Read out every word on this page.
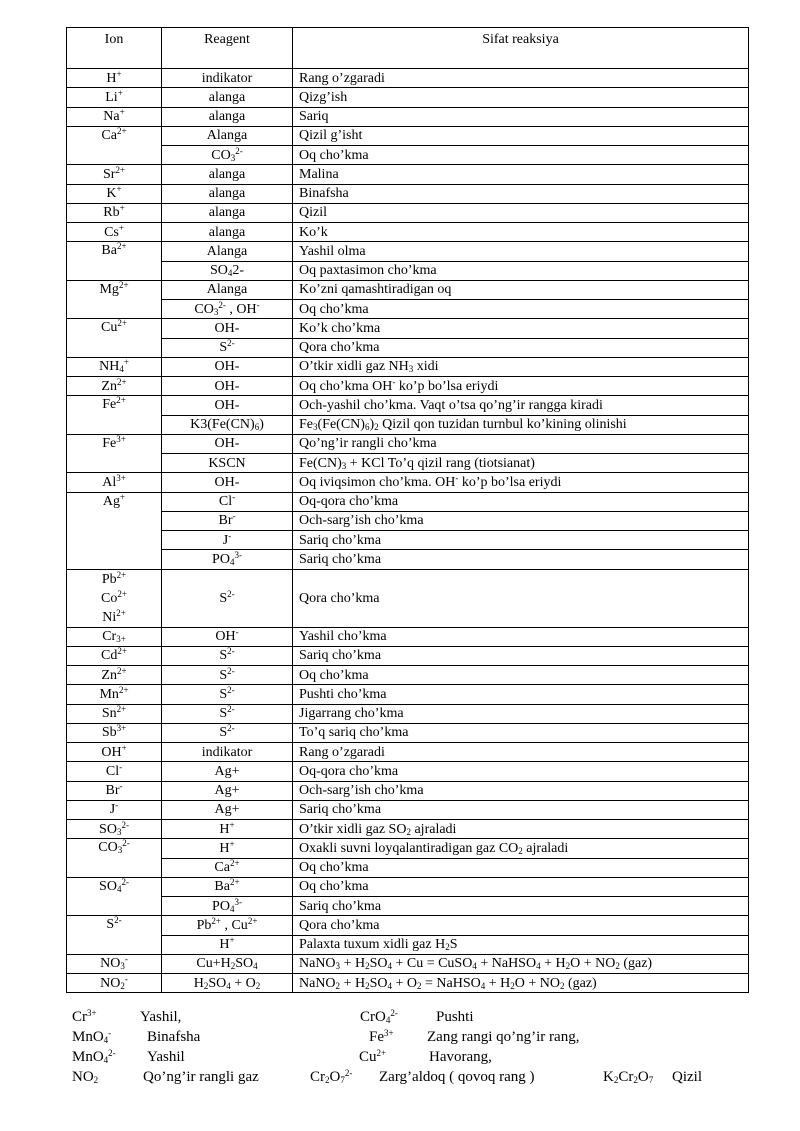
Ion	Reagent	Sifat reaksiya
H+	indikator	Rang o’zgaradi
Li+	alanga	Qizg’ish
Na+	alanga	Sariq
$Ca^{2+}$	Alanga	Qizil g’isht
	$CO_3^{2-}$	Oq cho’kma
$Sr^{2+}$	alanga	Malina
K+	alanga	Binafsha
Rb+	alanga	Qizil
Cs+	alanga	Ko’k
$Ba^{2+}$	Alanga	Yashil olma
	$SO_42-$	Oq paxtasimon cho’kma
$Mg^{2+}$	Alanga	Ko’zni qamashtiradigan oq
	$CO_3^{2-}$ , OH-	Oq cho’kma
$Cu^{2+}$	OH-	Ko’k cho’kma
	$S^{2-}$	Qora cho’kma
$NH_4^+$	OH-	O’tkir xidli gaz $NH_3$ xidi
$Zn^{2+}$	OH-	Oq cho’kma OH- ko’p bo’lsa eriydi
$Fe^{2+}$	OH-	Och-yashil cho’kma. Vaqt o’tsa qo’ng’ir rangga kiradi
	$K3(Fe(CN)_6)$	$Fe_3(Fe(CN)_6)_2$ Qizil qon tuzidan turnbul ko’kining olinishi
$Fe^{3+}$	OH-	Qo’ng’ir rangli cho’kma
	KSCN	$Fe(CN)_3$ + KCl To’q qizil rang (tiotsianat)
$Al^{3+}$	OH-	Oq iviqsimon cho’kma. OH- ko’p bo’lsa eriydi
Ag+	Cl-	Oq-qora cho’kma
	Br-	Och-sarg’ish cho’kma
	J-	Sariq cho’kma
	$PO_4^{3-}$	Sariq cho’kma

$Pb^{2+}$
$Co^{2+}$
$Ni^{2+}$	$S^{2-}$	Qora cho’kma
$Cr_{3+}$	OH-	Yashil cho’kma
$Cd^{2+}$	$S^{2-}$	Sariq cho’kma
$Zn^{2+}$	$S^{2-}$	Oq cho’kma
$Mn^{2+}$	$S^{2-}$	Pushti cho’kma
$Sn^{2+}$	$S^{2-}$	Jigarrang cho’kma
$Sb^{3+}$	$S^{2-}$	To’q sariq cho’kma
OH+	indikator	Rang o’zgaradi
Cl-	Ag+	Oq-qora cho’kma
Br-	Ag+	Och-sarg’ish cho’kma
J-	Ag+	Sariq cho’kma
$SO_3^{2-}$	H+	O’tkir xidli gaz $SO_2$ ajraladi
$CO_3^{2-}$	H+	Oxakli suvni loyqalantiradigan gaz $CO_2$ ajraladi
	$Ca^{2+}$	Oq cho’kma
$SO_4^{2-}$	$Ba^{2+}$	Oq cho’kma
	$PO_4^{3-}$	Sariq cho’kma
$S^{2-}$	$Pb^{2+}$ , $Cu^{2+}$	Qora cho’kma
	H+	Palaxta tuxum xidli gaz $H_2S$
$NO_3^-$	$Cu+H_2SO_4$	NaNO$_3$ + $H_2SO_4 + Cu$ = CuSO$_4$ + NaHSO$_4$ + $H_2O + NO_2$ (gaz)
$NO_2^-$	$H_2SO_4 + O_2$	NaNO$_2$ + $H_2SO_4 + O_2$ = NaHSO$_4$ + $H_2O + NO_2$ (gaz)
$Cr^{3+}$	Yashil,	CrO$_4^{2-}$	Pushti
MnO$_4$- Binafsha	$Fe^{3+}$ Zang rangi qo’ng’ir rang,
MnO$_4^{2-}$ Yashil	$Cu^{2+}$	Havorang,
$NO_2$	Qo’ng’ir rangli gaz	$Cr_2O_7^{2-}$ Zarg’aldoq ( qovoq rang )	$K_2Cr_2O_7$ Qizil
